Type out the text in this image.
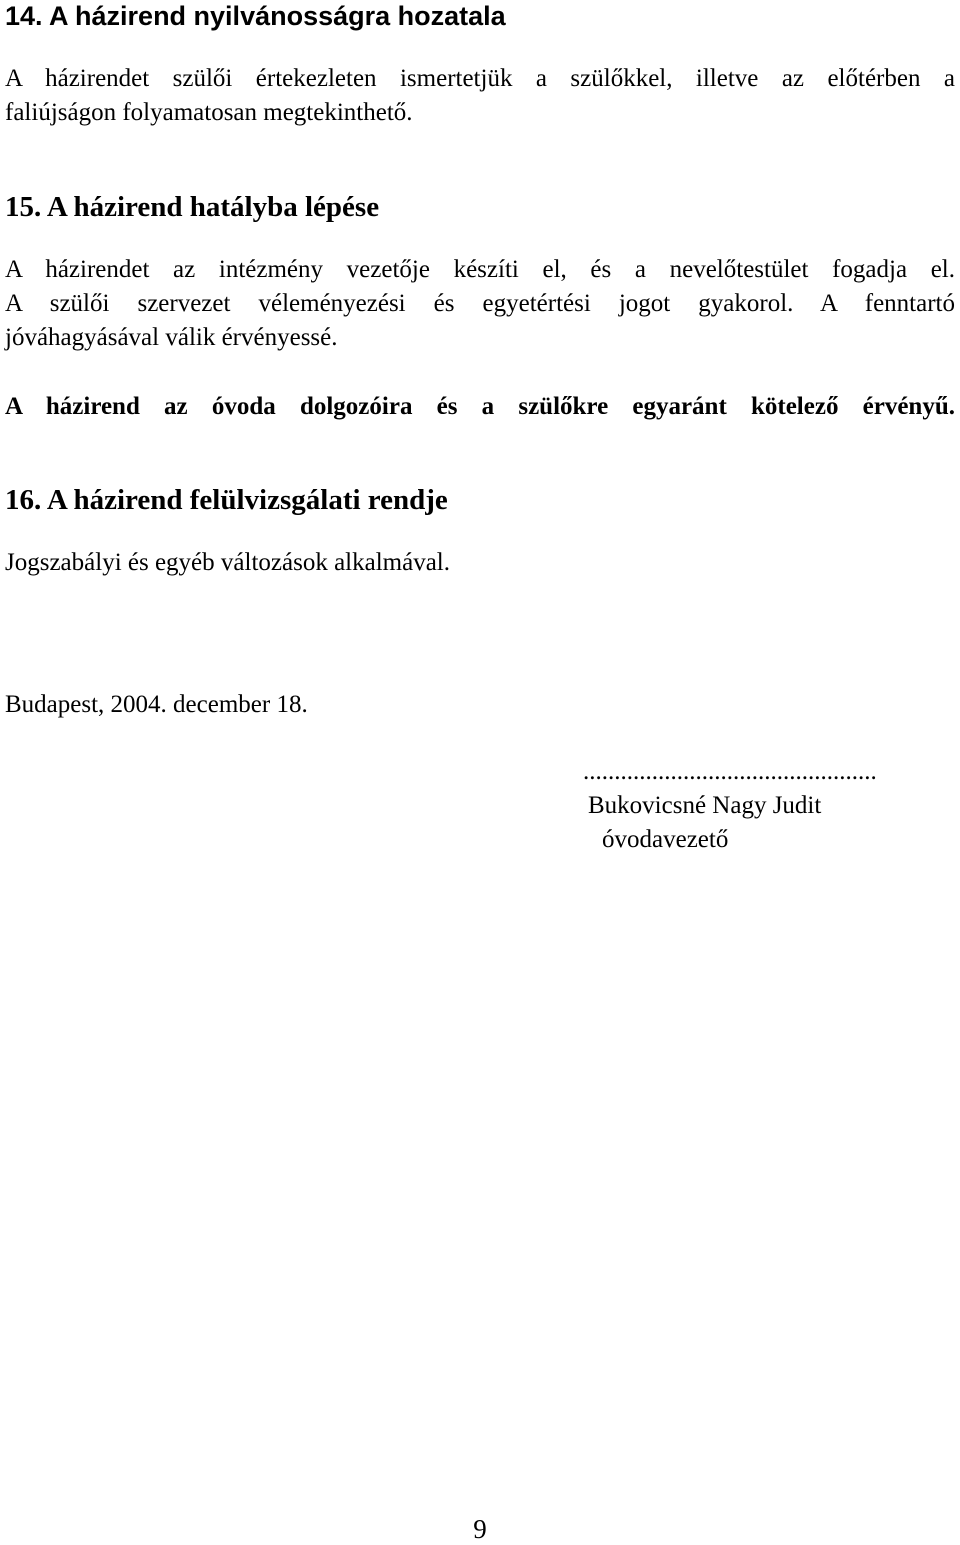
14. A házirend nyilvánosságra hozatala
A házirendet szülői értekezleten ismertetjük a szülőkkel, illetve az előtérben a
faliújságon folyamatosan megtekinthető.
15. A házirend hatályba lépése
A házirendet az intézmény vezetője készíti el, és a nevelőtestület fogadja el.
A szülői szervezet véleményezési és egyetértési jogot gyakorol. A fenntartó
jóváhagyásával válik érvényessé.

A házirend az óvoda dolgozóira és a szülőkre egyaránt kötelező érvényű.

16. A házirend felülvizsgálati rendje

Jogszabályi és egyéb változások alkalmával.

Budapest, 2004. december 18.

...............................................
Bukovicsné Nagy Judit
óvodavezető
9
